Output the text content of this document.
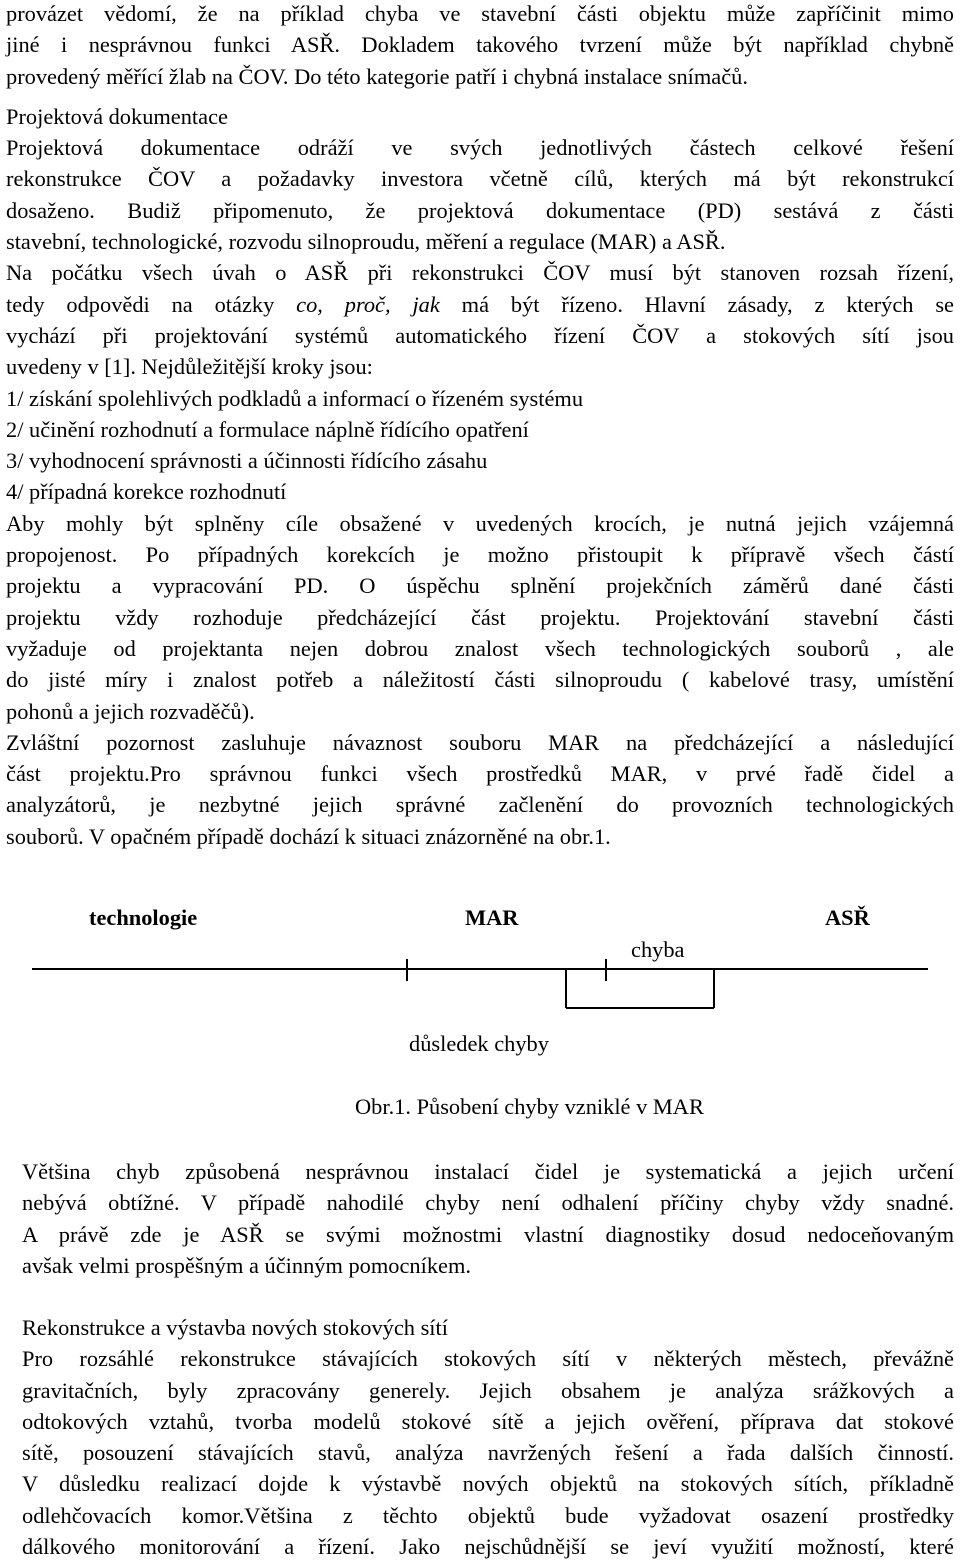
provázet vědomí, že na příklad chyba ve stavební části objektu může zapříčinit mimo
jiné i nesprávnou funkci ASŘ. Dokladem takového tvrzení může být například chybně
provedený měřící žlab na ČOV. Do této kategorie patří i chybná instalace snímačů.
Projektová dokumentace
Projektová dokumentace odráží ve svých jednotlivých částech celkové řešení
rekonstrukce ČOV a požadavky investora včetně cílů, kterých má být rekonstrukcí
dosaženo. Budiž připomenuto, že projektová dokumentace (PD) sestává z části
stavební, technologické, rozvodu silnoproudu, měření a regulace (MAR) a ASŘ.
Na počátku všech úvah o ASŘ při rekonstrukci ČOV musí být stanoven rozsah řízení,
tedy odpovědi na otázky co, proč, jak má být řízeno. Hlavní zásady, z kterých se
vychází při projektování systémů automatického řízení ČOV a stokových sítí jsou
uvedeny v [1]. Nejdůležitější kroky jsou:
1/ získání spolehlivých podkladů a informací o řízeném systému
2/ učinění rozhodnutí a formulace náplně řídícího opatření
3/ vyhodnocení správnosti a účinnosti řídícího zásahu
4/ případná korekce rozhodnutí
Aby mohly být splněny cíle obsažené v uvedených krocích, je nutná jejich vzájemná
propojenost. Po případných korekcích je možno přistoupit k přípravě všech částí
projektu a vypracování PD. O úspěchu splnění projekčních záměrů dané části
projektu vždy rozhoduje předcházející část projektu. Projektování stavební části
vyžaduje od projektanta nejen dobrou znalost všech technologických souborů , ale
do jisté míry i znalost potřeb a náležitostí části silnoproudu ( kabelové trasy, umístění
pohonů a jejich rozvaděčů).
Zvláštní pozornost zasluhuje návaznost souboru MAR na předcházející a následující
část projektu.Pro správnou funkci všech prostředků MAR, v prvé řadě čidel a
analyzátorů, je nezbytné jejich správné začlenění do provozních technologických
souborů. V opačném případě dochází k situaci znázorněné na obr.1.
technologie	MAR	ASŘ
chyba
důsledek chyby
Obr.1. Působení chyby vzniklé v MAR
Většina chyb způsobená nesprávnou instalací čidel je systematická a jejich určení
nebývá obtížné. V případě nahodilé chyby není odhalení příčiny chyby vždy snadné.
A právě zde je ASŘ se svými možnostmi vlastní diagnostiky dosud nedoceňovaným
avšak velmi prospěšným a účinným pomocníkem.
Rekonstrukce a výstavba nových stokových sítí
Pro rozsáhlé rekonstrukce stávajících stokových sítí v některých městech, převážně
gravitačních, byly zpracovány generely. Jejich obsahem je analýza srážkových a
odtokových vztahů, tvorba modelů stokové sítě a jejich ověření, příprava dat stokové
sítě, posouzení stávajících stavů, analýza navržených řešení a řada dalších činností.
V důsledku realizací dojde k výstavbě nových objektů na stokových sítích, příkladně
odlehčovacích komor.Většina z těchto objektů bude vyžadovat osazení prostředky
dálkového monitorování a řízení. Jako nejschůdnější se jeví využití možností, které
